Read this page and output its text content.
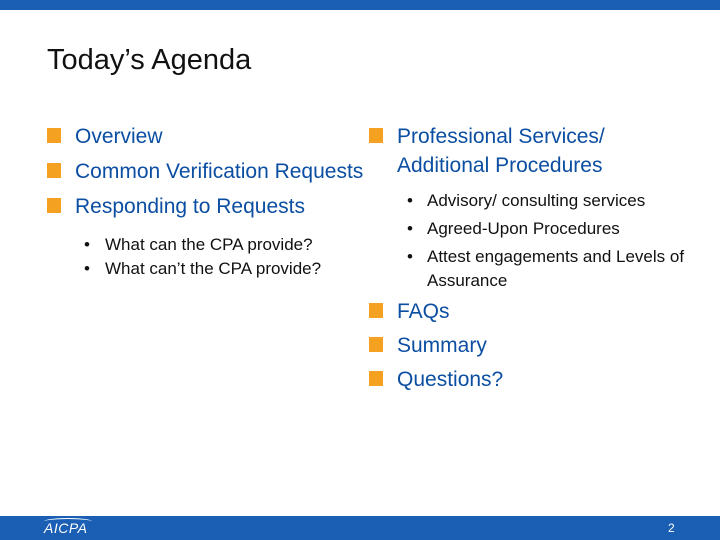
Today’s Agenda
Overview
Common Verification Requests
Responding to Requests
• What can the CPA provide?
• What can’t the CPA provide?
Professional Services/ Additional Procedures
• Advisory/ consulting services
• Agreed-Upon Procedures
• Attest engagements and Levels of Assurance
FAQs
Summary
Questions?
AICPA	2
